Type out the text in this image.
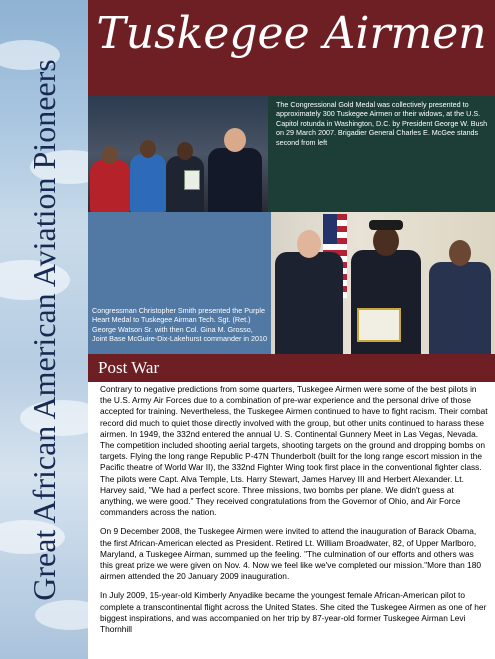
Great African American Aviation Pioneers
Tuskegee Airmen
The Congressional Gold Medal was collectively presented to approximately 300 Tuskegee Airmen or their widows, at the U.S. Capitol rotunda in Washington, D.C. by President George W. Bush on 29 March 2007. Brigadier General Charles E. McGee stands second from left
Congressman Christopher Smith presented the Purple Heart Medal to Tuskegee Airman Tech. Sgt. (Ret.) George Watson Sr. with then Col. Gina M. Grosso, Joint Base McGuire-Dix-Lakehurst commander in 2010
Post War

Contrary to negative predictions from some quarters, Tuskegee Airmen were some of the best pilots in the U.S. Army Air Forces due to a combination of pre-war experience and the personal drive of those accepted for training. Nevertheless, the Tuskegee Airmen continued to have to fight racism. Their combat record did much to quiet those directly involved with the group, but other units continued to harass these airmen. In 1949, the 332nd entered the annual U. S. Continental Gunnery Meet in Las Vegas, Nevada. The competition included shooting aerial targets, shooting targets on the ground and dropping bombs on targets. Flying the long range Republic P-47N Thunderbolt (built for the long range escort mission in the Pacific theatre of World War II), the 332nd Fighter Wing took first place in the conventional fighter class. The pilots were Capt. Alva Temple, Lts. Harry Stewart, James Harvey III and Herbert Alexander. Lt. Harvey said, "We had a perfect score. Three missions, two bombs per plane. We didn't guess at anything, we were good." They received congratulations from the Governor of Ohio, and Air Force commanders across the nation.

On 9 December 2008, the Tuskegee Airmen were invited to attend the inauguration of Barack Obama, the first African-American elected as President. Retired Lt. William Broadwater, 82, of Upper Marlboro, Maryland, a Tuskegee Airman, summed up the feeling. "The culmination of our efforts and others was this great prize we were given on Nov. 4. Now we feel like we've completed our mission."More than 180 airmen attended the 20 January 2009 inauguration.

In July 2009, 15-year-old Kimberly Anyadike became the youngest female African-American pilot to complete a transcontinental flight across the United States. She cited the Tuskegee Airmen as one of her biggest inspirations, and was accompanied on her trip by 87-year-old former Tuskegee Airman Levi Thornhill
